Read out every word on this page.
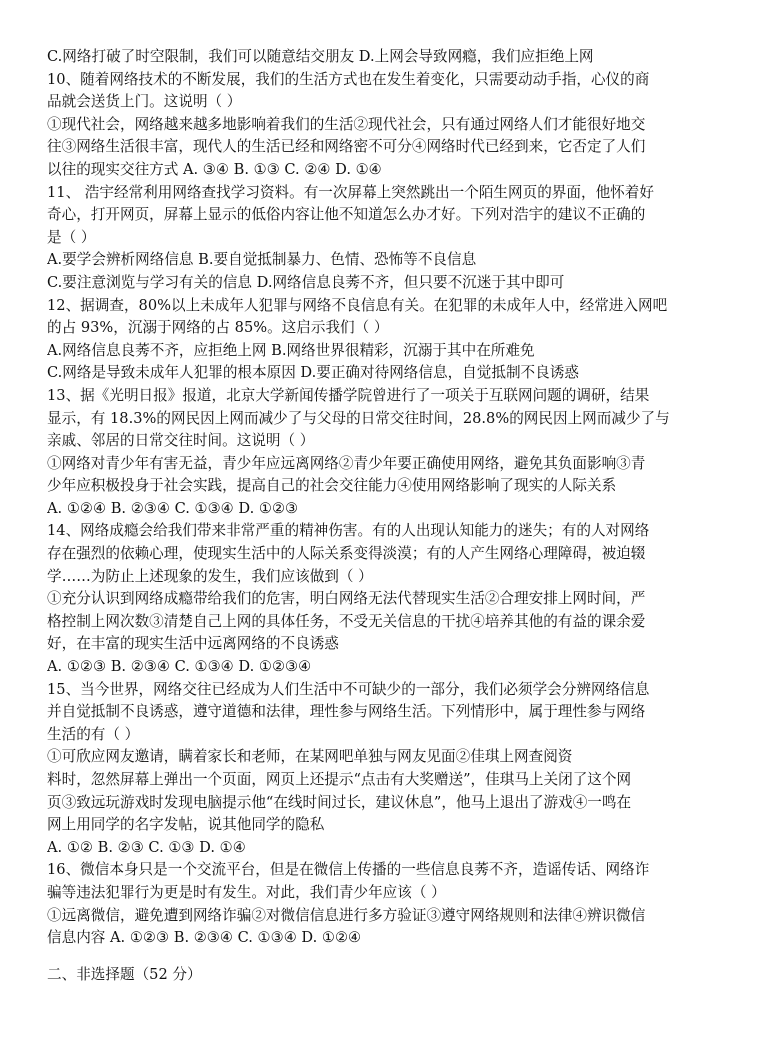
C.网络打破了时空限制，我们可以随意结交朋友 D.上网会导致网瘾，我们应拒绝上网
10、随着网络技术的不断发展，我们的生活方式也在发生着变化，只需要动动手指，心仪的商
品就会送货上门。这说明（ ）
①现代社会，网络越来越多地影响着我们的生活②现代社会，只有通过网络人们才能很好地交
往③网络生活很丰富，现代人的生活已经和网络密不可分④网络时代已经到来，它否定了人们
以往的现实交往方式 A. ③④ B. ①③ C. ②④ D. ①④
11、 浩宇经常利用网络查找学习资料。有一次屏幕上突然跳出一个陌生网页的界面，他怀着好
奇心，打开网页，屏幕上显示的低俗内容让他不知道怎么办才好。下列对浩宇的建议不正确的
是（ ）
A.要学会辨析网络信息 B.要自觉抵制暴力、色情、恐怖等不良信息
C.要注意浏览与学习有关的信息 D.网络信息良莠不齐，但只要不沉迷于其中即可
12、据调查，80%以上未成年人犯罪与网络不良信息有关。在犯罪的未成年人中，经常进入网吧
的占 93%，沉溺于网络的占 85%。这启示我们（ ）
A.网络信息良莠不齐，应拒绝上网 B.网络世界很精彩，沉溺于其中在所难免
C.网络是导致未成年人犯罪的根本原因 D.要正确对待网络信息，自觉抵制不良诱惑
13、据《光明日报》报道，北京大学新闻传播学院曾进行了一项关于互联网问题的调研，结果
显示，有 18.3%的网民因上网而减少了与父母的日常交往时间，28.8%的网民因上网而减少了与
亲戚、邻居的日常交往时间。这说明（ ）
①网络对青少年有害无益，青少年应远离网络②青少年要正确使用网络，避免其负面影响③青
少年应积极投身于社会实践，提高自己的社会交往能力④使用网络影响了现实的人际关系
A. ①②④ B. ②③④ C. ①③④ D. ①②③
14、网络成瘾会给我们带来非常严重的精神伤害。有的人出现认知能力的迷失；有的人对网络
存在强烈的依赖心理，使现实生活中的人际关系变得淡漠；有的人产生网络心理障碍，被迫辍
学……为防止上述现象的发生，我们应该做到（ ）
①充分认识到网络成瘾带给我们的危害，明白网络无法代替现实生活②合理安排上网时间，严
格控制上网次数③清楚自己上网的具体任务，不受无关信息的干扰④培养其他的有益的课余爱
好，在丰富的现实生活中远离网络的不良诱惑
A. ①②③ B. ②③④ C. ①③④ D. ①②③④
15、当今世界，网络交往已经成为人们生活中不可缺少的一部分，我们必须学会分辨网络信息
并自觉抵制不良诱惑，遵守道德和法律，理性参与网络生活。下列情形中，属于理性参与网络
生活的有（ ）
①可欣应网友邀请，瞒着家长和老师，在某网吧单独与网友见面②佳琪上网查阅资
料时，忽然屏幕上弹出一个页面，网页上还提示“点击有大奖赠送”，佳琪马上关闭了这个网
页③致远玩游戏时发现电脑提示他“在线时间过长，建议休息”，他马上退出了游戏④一鸣在
网上用同学的名字发帖，说其他同学的隐私
A. ①② B. ②③ C. ①③ D. ①④
16、微信本身只是一个交流平台，但是在微信上传播的一些信息良莠不齐，造谣传话、网络诈
骗等违法犯罪行为更是时有发生。对此，我们青少年应该（ ）
①远离微信，避免遭到网络诈骗②对微信信息进行多方验证③遵守网络规则和法律④辨识微信
信息内容 A. ①②③ B. ②③④ C. ①③④ D. ①②④
二、非选择题（52 分）
